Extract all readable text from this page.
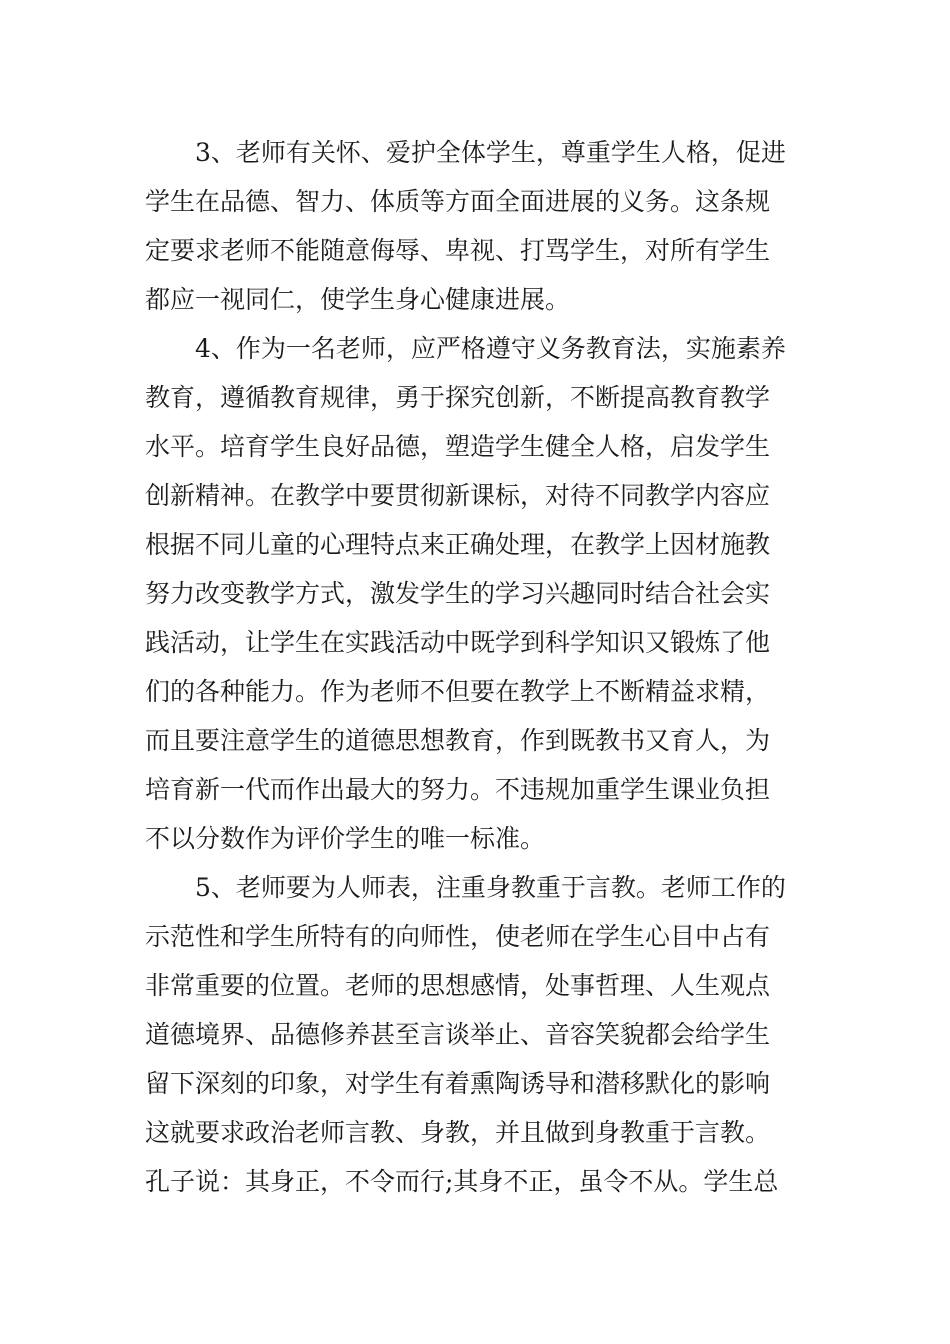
　　3、老师有关怀、爱护全体学生，尊重学生人格，促进
学生在品德、智力、体质等方面全面进展的义务。这条规
定要求老师不能随意侮辱、卑视、打骂学生，对所有学生
都应一视同仁，使学生身心健康进展。
　　4、作为一名老师，应严格遵守义务教育法，实施素养
教育，遵循教育规律，勇于探究创新，不断提高教育教学
水平。培育学生良好品德，塑造学生健全人格，启发学生
创新精神。在教学中要贯彻新课标，对待不同教学内容应
根据不同儿童的心理特点来正确处理，在教学上因材施教
努力改变教学方式，激发学生的学习兴趣同时结合社会实
践活动，让学生在实践活动中既学到科学知识又锻炼了他
们的各种能力。作为老师不但要在教学上不断精益求精，
而且要注意学生的道德思想教育，作到既教书又育人，为
培育新一代而作出最大的努力。不违规加重学生课业负担
不以分数作为评价学生的唯一标准。
　　5、老师要为人师表，注重身教重于言教。老师工作的
示范性和学生所特有的向师性，使老师在学生心目中占有
非常重要的位置。老师的思想感情，处事哲理、人生观点
道德境界、品德修养甚至言谈举止、音容笑貌都会给学生
留下深刻的印象，对学生有着熏陶诱导和潜移默化的影响
这就要求政治老师言教、身教，并且做到身教重于言教。
孔子说：其身正，不令而行;其身不正，虽令不从。学生总
